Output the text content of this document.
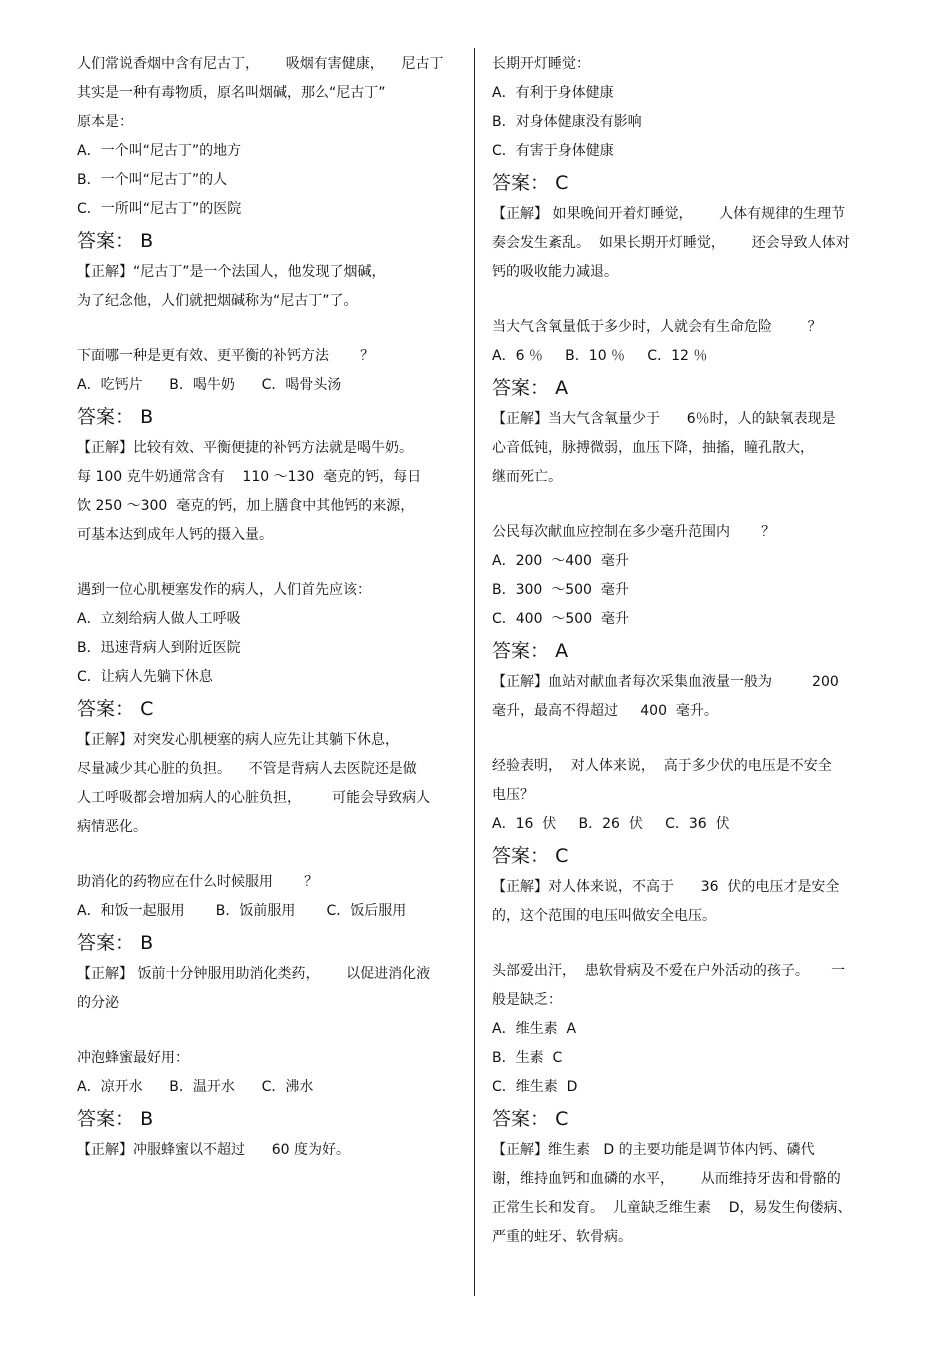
人们常说香烟中含有尼古丁，      吸烟有害健康，    尼古丁
其实是一种有毒物质，原名叫烟碱，那么“尼古丁”
原本是：
A．一个叫“尼古丁”的地方
B．一个叫“尼古丁”的人
C．一所叫“尼古丁”的医院
答案： B
【正解】“尼古丁”是一个法国人，他发现了烟碱，
为了纪念他，人们就把烟碱称为“尼古丁”了。
下面哪一种是更有效、更平衡的补钙方法       ？
A．吃钙片      B．喝牛奶      C．喝骨头汤
答案： B
【正解】比较有效、平衡便捷的补钙方法就是喝牛奶。
每 100 克牛奶通常含有    110 ～130  毫克的钙，每日
饮 250 ～300  毫克的钙，加上膳食中其他钙的来源，
可基本达到成年人钙的摄入量。
遇到一位心肌梗塞发作的病人，人们首先应该：
A．立刻给病人做人工呼吸
B．迅速背病人到附近医院
C．让病人先躺下休息
答案： C
【正解】对突发心肌梗塞的病人应先让其躺下休息，
尽量减少其心脏的负担。    不管是背病人去医院还是做
人工呼吸都会增加病人的心脏负担，       可能会导致病人
病情恶化。
助消化的药物应在什么时候服用       ？
A．和饭一起服用       B．饭前服用       C．饭后服用
答案： B
【正解】 饭前十分钟服用助消化类药，      以促进消化液
的分泌
冲泡蜂蜜最好用：
A．凉开水      B．温开水      C．沸水
答案： B
【正解】冲服蜂蜜以不超过      60 度为好。
长期开灯睡觉：
A．有利于身体健康
B．对身体健康没有影响
C．有害于身体健康
答案： C
【正解】 如果晚间开着灯睡觉，      人体有规律的生理节
奏会发生紊乱。  如果长期开灯睡觉，      还会导致人体对
钙的吸收能力减退。
当大气含氧量低于多少时，人就会有生命危险        ？
A．6 ％     B．10 ％     C．12 ％
答案： A
【正解】当大气含氧量少于      6％时，人的缺氧表现是
心音低钝，脉搏微弱，血压下降，抽搐，瞳孔散大，
继而死亡。
公民每次献血应控制在多少毫升范围内       ？
A．200  ～400  毫升
B．300  ～500  毫升
C．400  ～500  毫升
答案： A
【正解】血站对献血者每次采集血液量一般为         200
毫升，最高不得超过     400  毫升。
经验表明，  对人体来说，  高于多少伏的电压是不安全
电压？
A．16  伏     B．26  伏     C．36  伏
答案： C
【正解】对人体来说，不高于      36  伏的电压才是安全
的，这个范围的电压叫做安全电压。
头部爱出汗，  患软骨病及不爱在户外活动的孩子。     一
般是缺乏：
A．维生素  A
B．生素  C
C．维生素  D
答案： C
【正解】维生素   D 的主要功能是调节体内钙、磷代
谢，维持血钙和血磷的水平，      从而维持牙齿和骨骼的
正常生长和发育。  儿童缺乏维生素    D，易发生佝偻病、
严重的蛀牙、软骨病。
